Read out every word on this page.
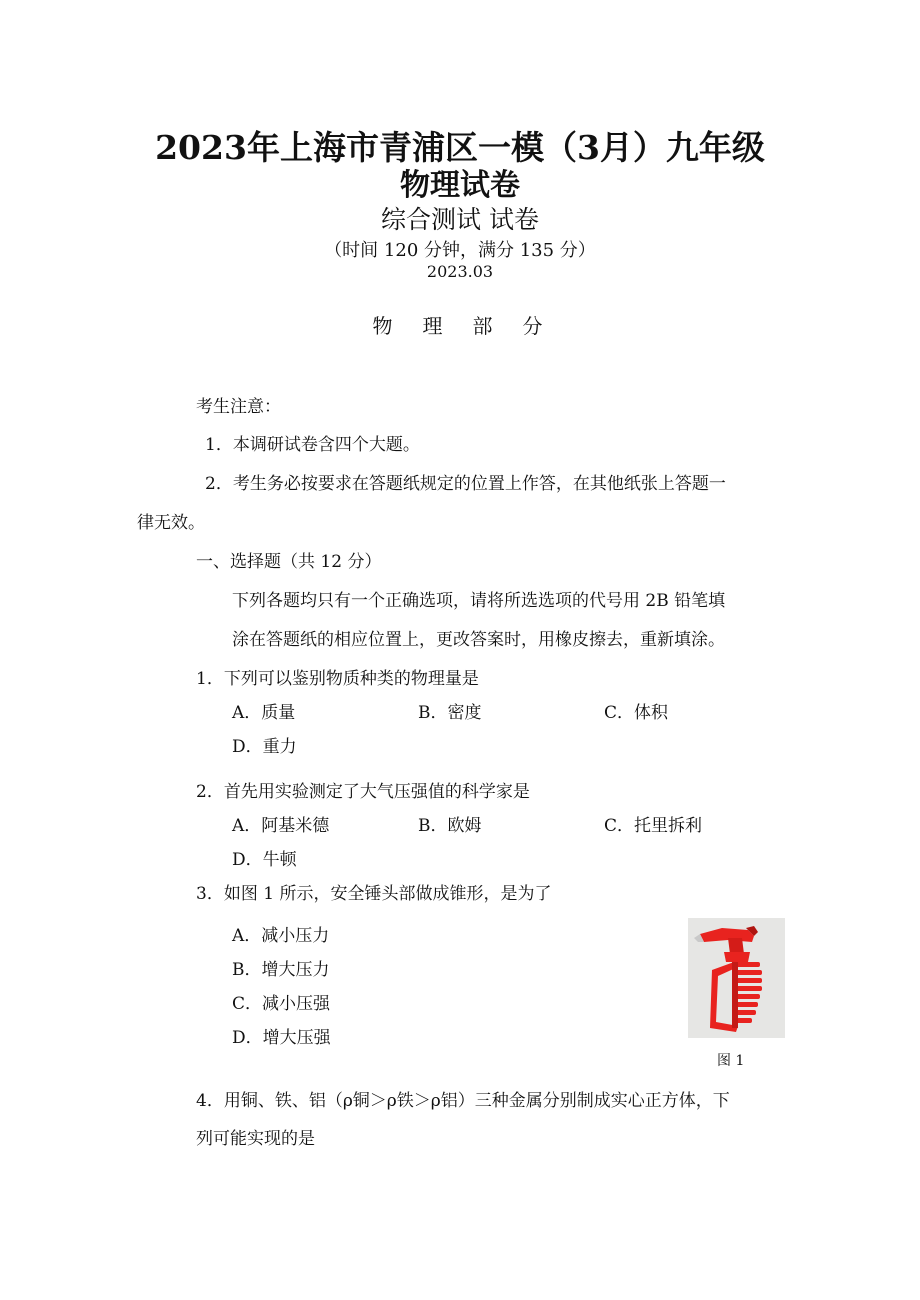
2023年上海市青浦区一模（3月）九年级
物理试卷
综合测试 试卷
（时间 120 分钟，满分 135 分）
2023.03
物理部分
考生注意：
1．本调研试卷含四个大题。
2．考生务必按要求在答题纸规定的位置上作答，在其他纸张上答题一
律无效。
一、选择题（共 12 分）
下列各题均只有一个正确选项，请将所选选项的代号用 2B 铅笔填
涂在答题纸的相应位置上，更改答案时，用橡皮擦去，重新填涂。
1．下列可以鉴别物质种类的物理量是
A．质量	B．密度	C．体积
D．重力
2．首先用实验测定了大气压强值的科学家是
A．阿基米德	B．欧姆	C．托里拆利
D．牛顿
3．如图 1 所示，安全锤头部做成锥形，是为了
A．减小压力
B．增大压力
C．减小压强
D．增大压强
图 1
4．用铜、铁、铝（ρ铜＞ρ铁＞ρ铝）三种金属分别制成实心正方体，下
列可能实现的是
